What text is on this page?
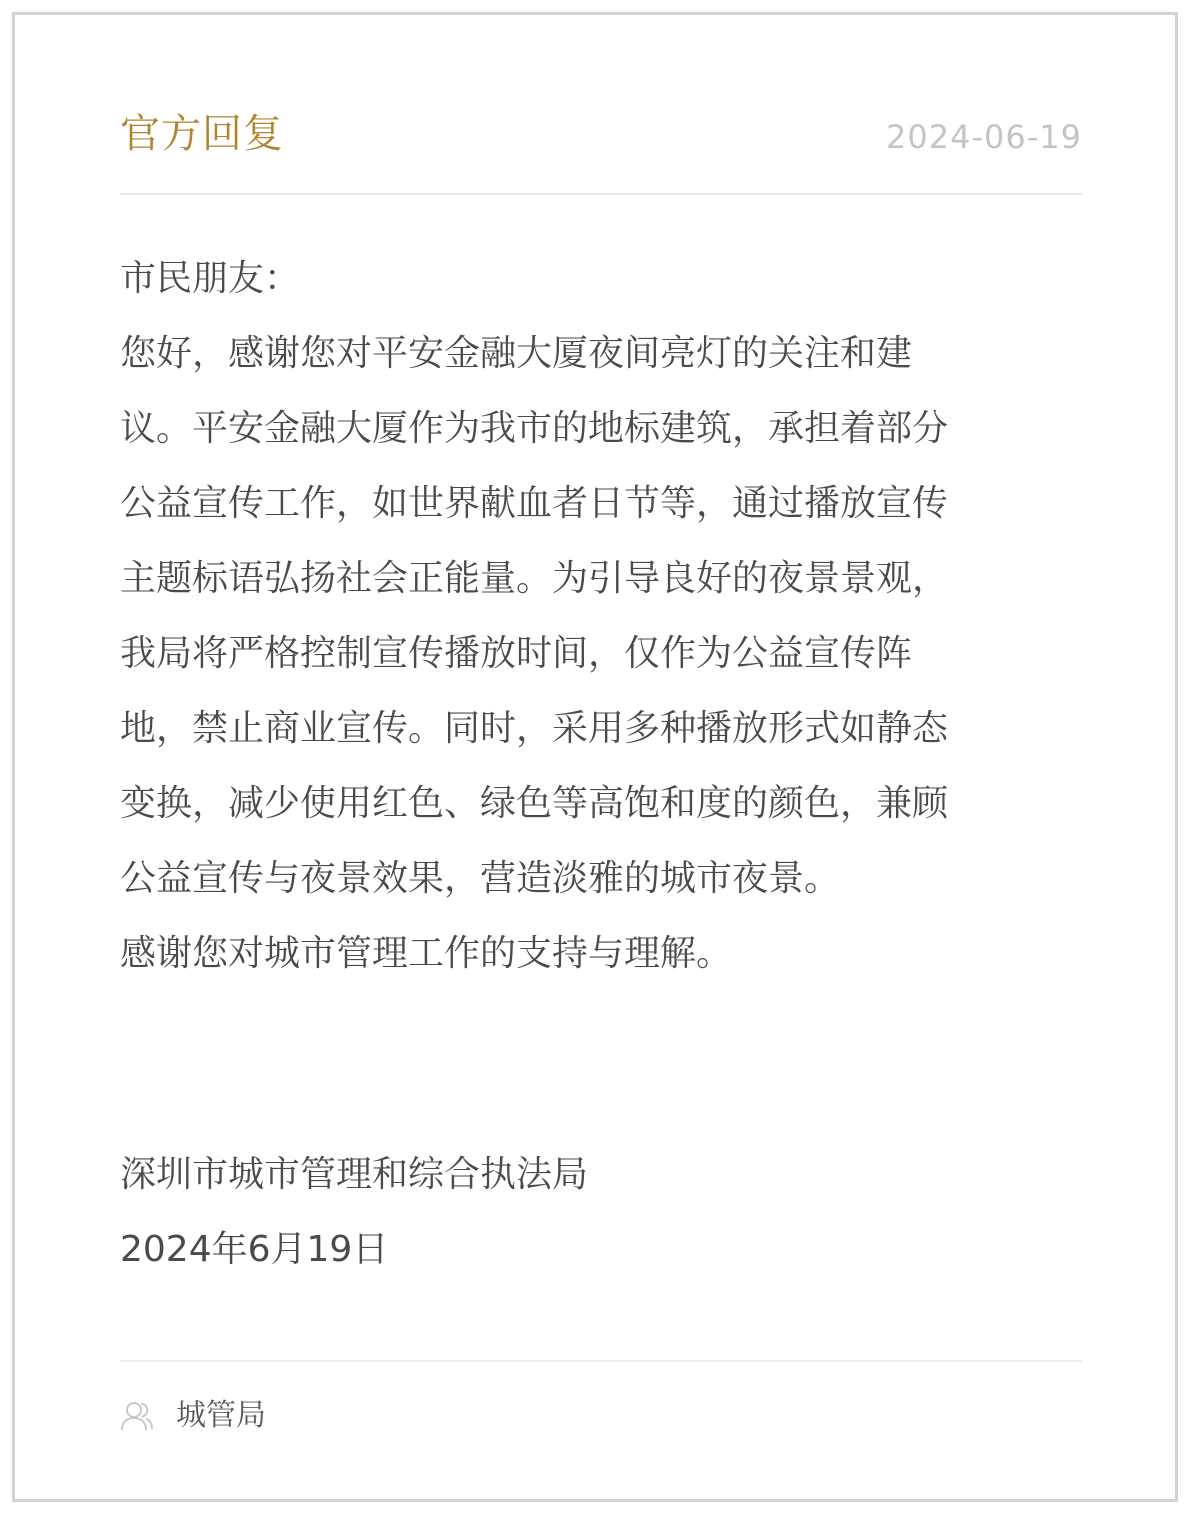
官方回复	2024-06-19
市民朋友：
您好，感谢您对平安金融大厦夜间亮灯的关注和建
议。平安金融大厦作为我市的地标建筑，承担着部分
公益宣传工作，如世界献血者日节等，通过播放宣传
主题标语弘扬社会正能量。为引导良好的夜景景观，
我局将严格控制宣传播放时间，仅作为公益宣传阵
地，禁止商业宣传。同时，采用多种播放形式如静态
变换，减少使用红色、绿色等高饱和度的颜色，兼顾
公益宣传与夜景效果，营造淡雅的城市夜景。
感谢您对城市管理工作的支持与理解。
深圳市城市管理和综合执法局
2024年6月19日
城管局
